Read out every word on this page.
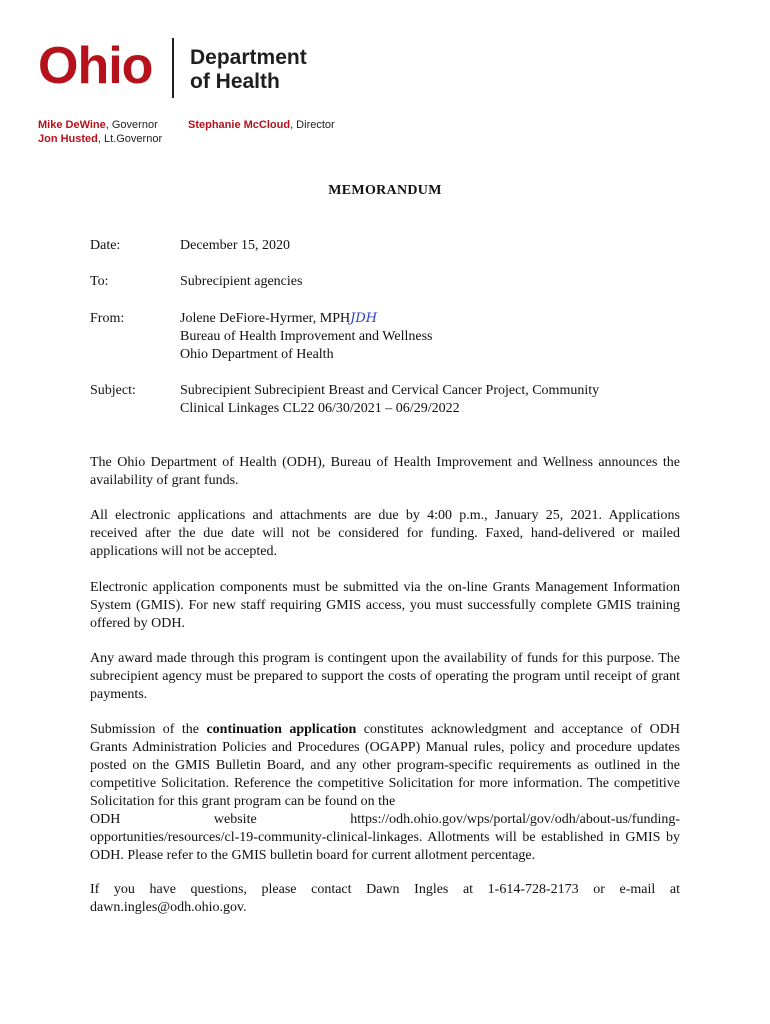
Ohio Department
of Health
Mike DeWine, Governor
Jon Husted, Lt.Governor
Stephanie McCloud, Director
MEMORANDUM
Date:	December 15, 2020
To:	Subrecipient agencies
From:	Jolene DeFiore-Hyrmer, MPHJDH
Bureau of Health Improvement and Wellness
Ohio Department of Health
Subject:	Subrecipient Subrecipient Breast and Cervical Cancer Project, Community
Clinical Linkages CL22 06/30/2021 – 06/29/2022
The Ohio Department of Health (ODH), Bureau of Health Improvement and Wellness announces the availability of grant funds.
All electronic applications and attachments are due by 4:00 p.m., January 25, 2021. Applications received after the due date will not be considered for funding. Faxed, hand-delivered or mailed applications will not be accepted.
Electronic application components must be submitted via the on-line Grants Management Information System (GMIS). For new staff requiring GMIS access, you must successfully complete GMIS training offered by ODH.
Any award made through this program is contingent upon the availability of funds for this purpose. The subrecipient agency must be prepared to support the costs of operating the program until receipt of grant payments.
Submission of the continuation application constitutes acknowledgment and acceptance of ODH Grants Administration Policies and Procedures (OGAPP) Manual rules, policy and procedure updates posted on the GMIS Bulletin Board, and any other program-specific requirements as outlined in the competitive Solicitation. Reference the competitive Solicitation for more information. The competitive Solicitation for this grant program can be found on the
ODH	website	https://odh.ohio.gov/wps/portal/gov/odh/about-us/funding-
opportunities/resources/cl-19-community-clinical-linkages. Allotments will be established in GMIS by ODH. Please refer to the GMIS bulletin board for current allotment percentage.
If you have questions, please contact Dawn Ingles at 1-614-728-2173 or e-mail at
dawn.ingles@odh.ohio.gov.
